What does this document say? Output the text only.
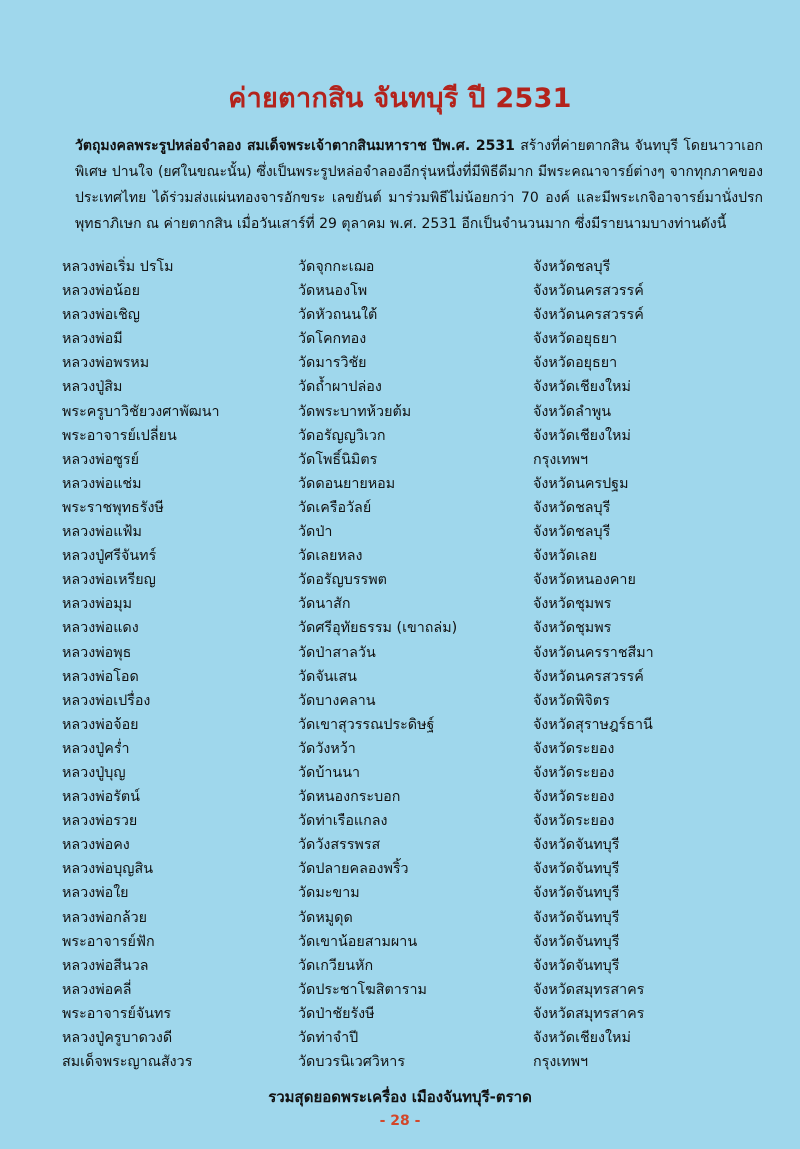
ค่ายตากสิน จันทบุรี ปี 2531
วัตถุมงคลพระรูปหล่อจำลอง สมเด็จพระเจ้าตากสินมหาราช ปีพ.ศ. 2531 สร้างที่ค่ายตากสิน จันทบุรี โดยนาวาเอกพิเศษ ปานใจ (ยศในขณะนั้น) ซึ่งเป็นพระรูปหล่อจำลองอีกรุ่นหนึ่งที่มีพิธีดีมาก มีพระคณาจารย์ต่างๆ จากทุกภาคของประเทศไทย ได้ร่วมส่งแผ่นทองจารอักขระ เลขยันต์ มาร่วมพิธีไม่น้อยกว่า 70 องค์ และมีพระเกจิอาจารย์มานั่งปรกพุทธาภิเษก ณ ค่ายตากสิน เมื่อวันเสาร์ที่ 29 ตุลาคม พ.ศ. 2531 อีกเป็นจำนวนมาก ซึ่งมีรายนามบางท่านดังนี้
หลวงพ่อเริ่ม ปรโม	วัดจุกกะเฌอ	จังหวัดชลบุรี
หลวงพ่อน้อย	วัดหนองโพ	จังหวัดนครสวรรค์
หลวงพ่อเชิญ	วัดหัวถนนใต้	จังหวัดนครสวรรค์
หลวงพ่อมี	วัดโคกทอง	จังหวัดอยุธยา
หลวงพ่อพรหม	วัดมารวิชัย	จังหวัดอยุธยา
หลวงปู่สิม	วัดถ้ำผาปล่อง	จังหวัดเชียงใหม่
พระครูบาวิชัยวงศาพัฒนา	วัดพระบาทห้วยต้ม	จังหวัดลำพูน
พระอาจารย์เปลี่ยน	วัดอรัญญวิเวก	จังหวัดเชียงใหม่
หลวงพ่อซูรย์	วัดโพธิ์นิมิตร	กรุงเทพฯ
หลวงพ่อแช่ม	วัดดอนยายหอม	จังหวัดนครปฐม
พระราชพุทธรังษี	วัดเครือวัลย์	จังหวัดชลบุรี
หลวงพ่อแฟ้ม	วัดป่า	จังหวัดชลบุรี
หลวงปู่ศรีจันทร์	วัดเลยหลง	จังหวัดเลย
หลวงพ่อเหรียญ	วัดอรัญบรรพต	จังหวัดหนองคาย
หลวงพ่อมุม	วัดนาสัก	จังหวัดชุมพร
หลวงพ่อแดง	วัดศรีอุทัยธรรม (เขาถล่ม)	จังหวัดชุมพร
หลวงพ่อพุธ	วัดป่าสาลวัน	จังหวัดนครราชสีมา
หลวงพ่อโอด	วัดจันเสน	จังหวัดนครสวรรค์
หลวงพ่อเปรื่อง	วัดบางคลาน	จังหวัดพิจิตร
หลวงพ่อจ้อย	วัดเขาสุวรรณประดิษฐ์	จังหวัดสุราษฎร์ธานี
หลวงปู่คร่ำ	วัดวังหว้า	จังหวัดระยอง
หลวงปู่บุญ	วัดบ้านนา	จังหวัดระยอง
หลวงพ่อรัตน์	วัดหนองกระบอก	จังหวัดระยอง
หลวงพ่อรวย	วัดท่าเรือแกลง	จังหวัดระยอง
หลวงพ่อคง	วัดวังสรรพรส	จังหวัดจันทบุรี
หลวงพ่อบุญสิน	วัดปลายคลองพริ้ว	จังหวัดจันทบุรี
หลวงพ่อใย	วัดมะขาม	จังหวัดจันทบุรี
หลวงพ่อกล้วย	วัดหมูดุด	จังหวัดจันทบุรี
พระอาจารย์ฟัก	วัดเขาน้อยสามผาน	จังหวัดจันทบุรี
หลวงพ่อสีนวล	วัดเกวียนหัก	จังหวัดจันทบุรี
หลวงพ่อคลี่	วัดประชาโฆสิตาราม	จังหวัดสมุทรสาคร
พระอาจารย์จันทร	วัดป่าชัยรังษี	จังหวัดสมุทรสาคร
หลวงปู่ครูบาดวงดี	วัดท่าจำปี	จังหวัดเชียงใหม่
สมเด็จพระญาณสังวร	วัดบวรนิเวศวิหาร	กรุงเทพฯ
รวมสุดยอดพระเครื่อง เมืองจันทบุรี-ตราด
- 28 -
